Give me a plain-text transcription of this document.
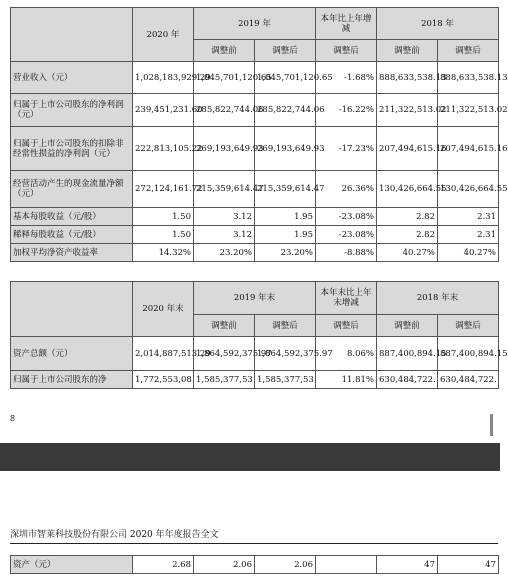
	2020 年	2019 年		本年比上年增减	2018 年	
		调整前	调整后	调整后	调整前	调整后
营业收入（元）	1,028,183,929.29	1,045,701,120.65	1,045,701,120.65	-1.68%	888,633,538.13	888,633,538.13
归属于上市公司股东的净利润（元）	239,451,231.60	285,822,744.06	285,822,744.06	-16.22%	211,322,513.02	211,322,513.02
归属于上市公司股东的扣除非经常性损益的净利润（元）	222,813,105.22	269,193,649.93	269,193,649.93	-17.23%	207,494,615.16	207,494,615.16
经营活动产生的现金流量净额（元）	272,124,161.72	215,359,614.47	215,359,614.47	26.36%	130,426,664.55	130,426,664.55
基本每股收益（元/股）	1.50	3.12	1.95	-23.08%	2.82	2.31
稀释每股收益（元/股）	1.50	3.12	1.95	-23.08%	2.82	2.31
加权平均净资产收益率	14.32%	23.20%	23.20%	-8.88%	40.27%	40.27%
	2020 年末	2019 年末		本年末比上年末增减	2018 年末	
		调整前	调整后	调整后	调整前	调整后
资产总额（元）	2,014,887,513.29	1,864,592,375.97	1,864,592,375.97	8.06%	887,400,894.15	887,400,894.15
归属于上市公司股东的净	1,772,553,08	1,585,377,53	1,585,377,53	11.81%	630,484,722.	630,484,722.
8
深圳市智莱科技股份有限公司 2020 年年度报告全文
资产（元）	2.68	2.06	2.06		47	47
